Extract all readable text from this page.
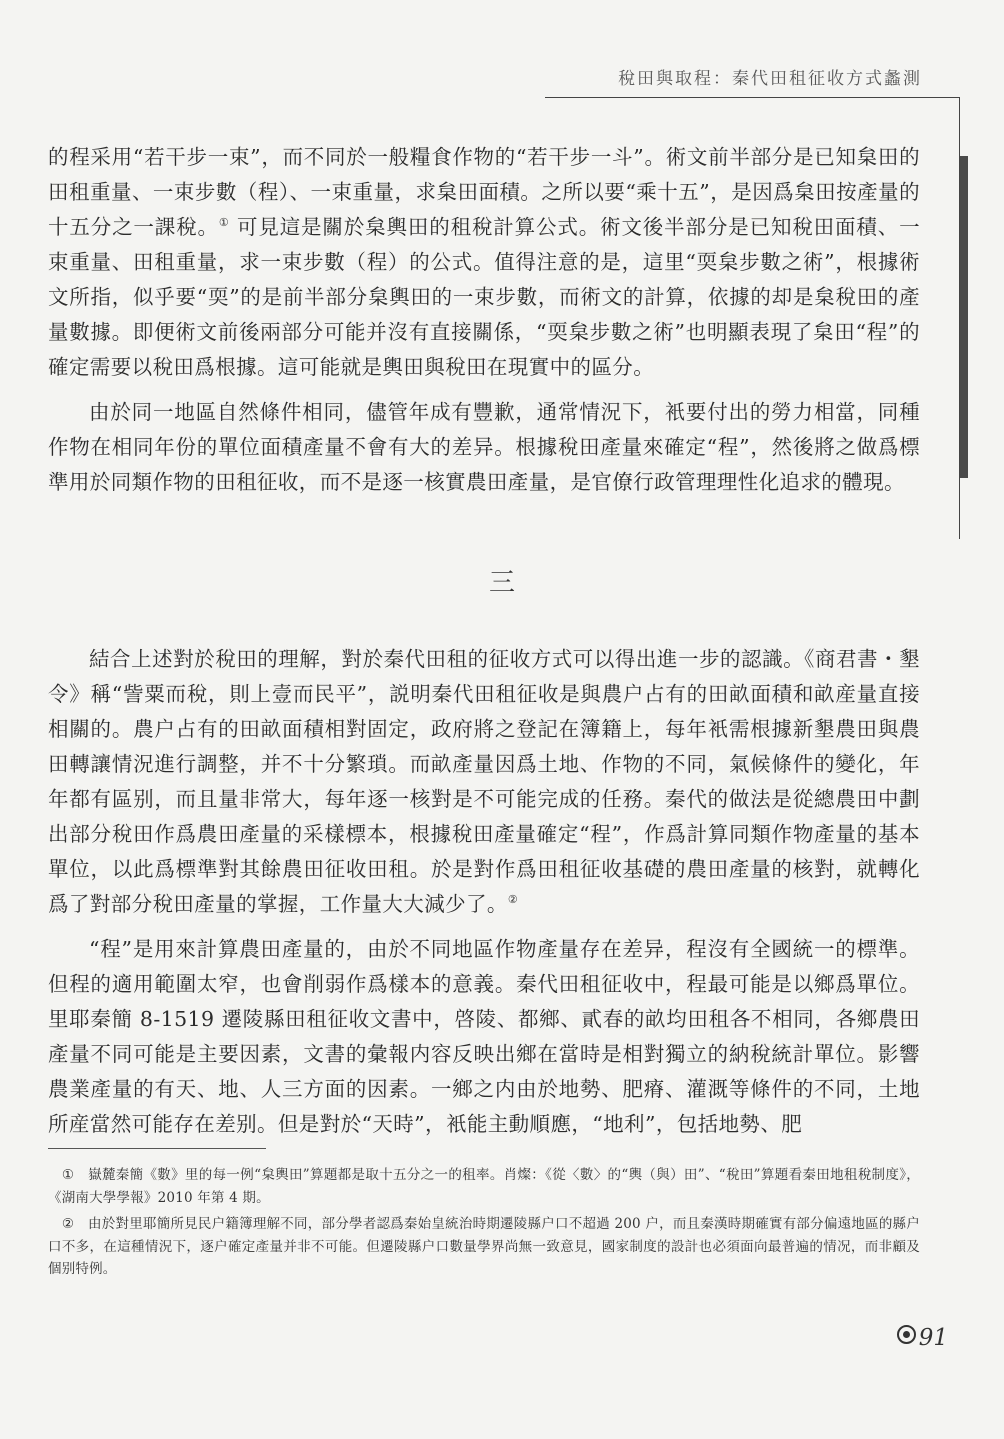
稅田與取程：秦代田租征收方式蠡測

的程采用“若干步一束”，而不同於一般糧食作物的“若干步一斗”。術文前半部分是已知枲田的田租重量、一束步數（程）、一束重量，求枲田面積。之所以要“乘十五”，是因爲枲田按產量的十五分之一課稅。① 可見這是關於枲輿田的租稅計算公式。術文後半部分是已知稅田面積、一束重量、田租重量，求一束步數（程）的公式。值得注意的是，這里“耎枲步數之術”，根據術文所指，似乎要“耎”的是前半部分枲輿田的一束步數，而術文的計算，依據的却是枲稅田的產量數據。即便術文前後兩部分可能并沒有直接關係，“耎枲步數之術”也明顯表現了枲田“程”的確定需要以稅田爲根據。這可能就是輿田與稅田在現實中的區分。

由於同一地區自然條件相同，儘管年成有豐歉，通常情況下，衹要付出的勞力相當，同種作物在相同年份的單位面積產量不會有大的差异。根據稅田產量來確定“程”，然後將之做爲標準用於同類作物的田租征收，而不是逐一核實農田產量，是官僚行政管理理性化追求的體現。

三

結合上述對於稅田的理解，對於秦代田租的征收方式可以得出進一步的認識。《商君書・墾令》稱“訾粟而稅，則上壹而民平”，説明秦代田租征收是與農户占有的田畝面積和畝産量直接相關的。農户占有的田畝面積相對固定，政府將之登記在簿籍上，每年衹需根據新墾農田與農田轉讓情況進行調整，并不十分繁瑣。而畝產量因爲土地、作物的不同，氣候條件的變化，年年都有區别，而且量非常大，每年逐一核對是不可能完成的任務。秦代的做法是從總農田中劃出部分稅田作爲農田產量的采樣標本，根據稅田產量確定“程”，作爲計算同類作物產量的基本單位，以此爲標準對其餘農田征收田租。於是對作爲田租征收基礎的農田產量的核對，就轉化爲了對部分稅田產量的掌握，工作量大大減少了。②

“程”是用來計算農田產量的，由於不同地區作物產量存在差异，程沒有全國統一的標準。但程的適用範圍太窄，也會削弱作爲樣本的意義。秦代田租征收中，程最可能是以鄉爲單位。里耶秦簡 8-1519 遷陵縣田租征收文書中，啓陵、都鄉、貳春的畝均田租各不相同，各鄉農田產量不同可能是主要因素，文書的彙報内容反映出鄉在當時是相對獨立的納稅統計單位。影響農業產量的有天、地、人三方面的因素。一鄉之内由於地勢、肥瘠、灌溉等條件的不同，土地所産當然可能存在差别。但是對於“天時”，衹能主動順應，“地利”，包括地勢、肥

① 嶽麓秦簡《數》里的每一例“枲輿田”算題都是取十五分之一的租率。肖燦：《從〈數〉的“輿（與）田”、“稅田”算題看秦田地租稅制度》，《湖南大學學報》2010 年第 4 期。

② 由於對里耶簡所見民户籍簿理解不同，部分學者認爲秦始皇統治時期遷陵縣户口不超過 200 户，而且秦漢時期確實有部分偏遠地區的縣户口不多，在這種情況下，逐户確定產量并非不可能。但遷陵縣户口數量學界尚無一致意見，國家制度的設計也必須面向最普遍的情况，而非顧及個别特例。

91
